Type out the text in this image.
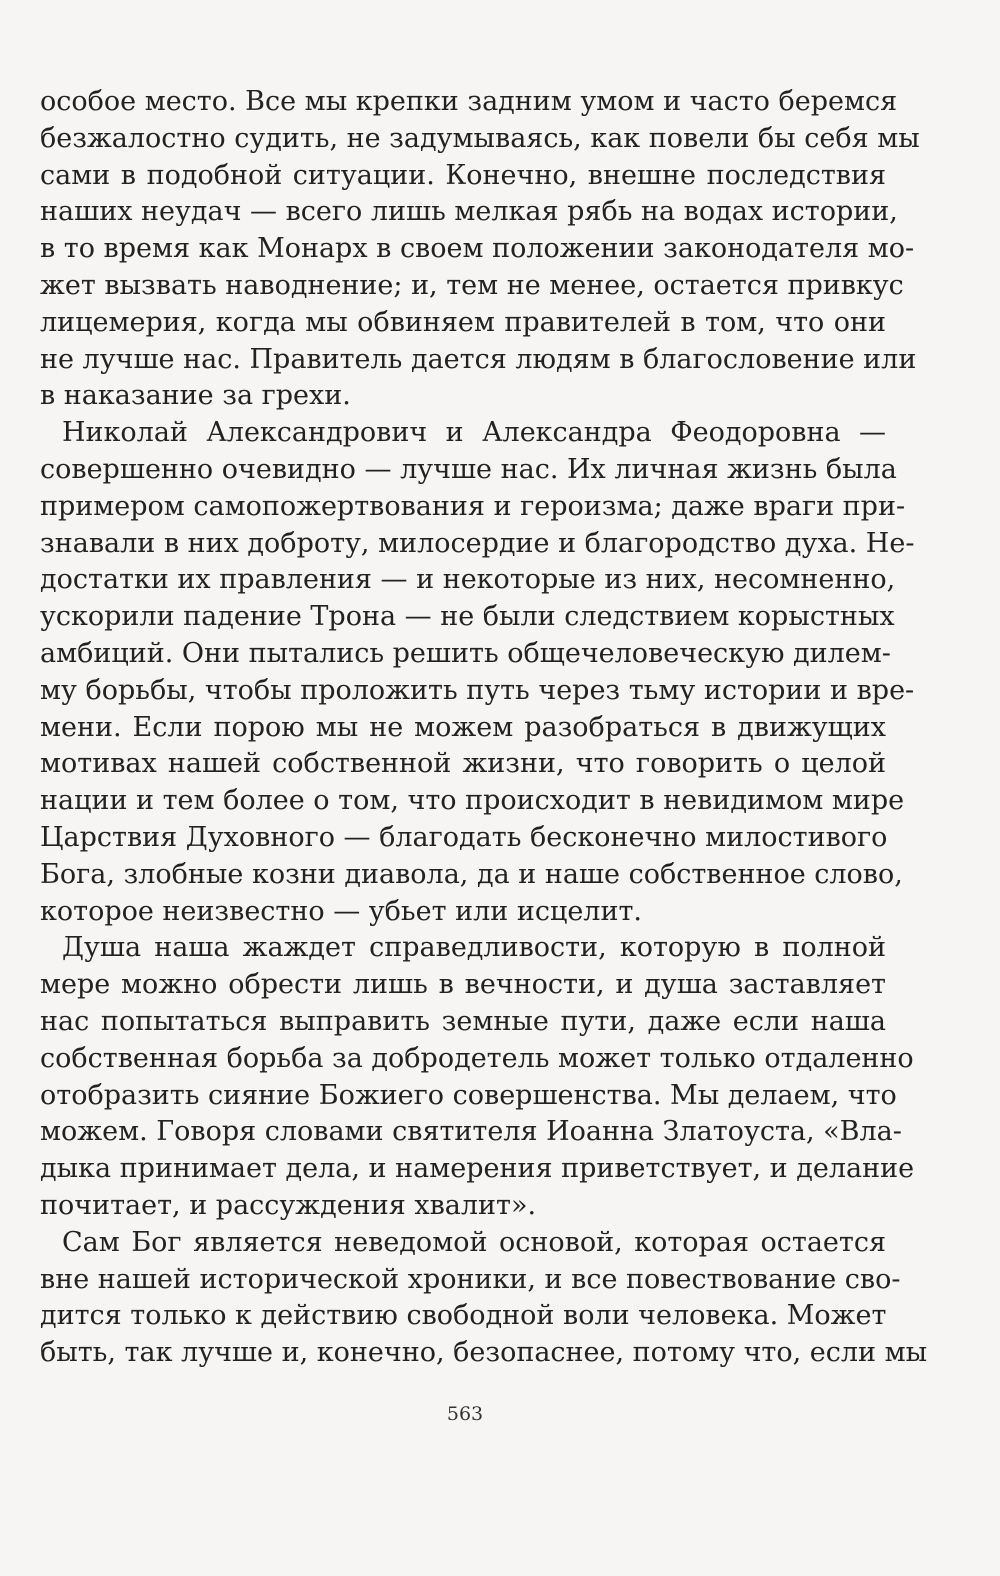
особое место. Все мы крепки задним умом и часто беремся
безжалостно судить, не задумываясь, как повели бы себя мы
сами в подобной ситуации. Конечно, внешне последствия
наших неудач — всего лишь мелкая рябь на водах истории,
в то время как Монарх в своем положении законодателя мо-
жет вызвать наводнение; и, тем не менее, остается привкус
лицемерия, когда мы обвиняем правителей в том, что они
не лучше нас. Правитель дается людям в благословение или
в наказание за грехи.
Николай Александрович и Александра Феодоровна —
совершенно очевидно — лучше нас. Их личная жизнь была
примером самопожертвования и героизма; даже враги при-
знавали в них доброту, милосердие и благородство духа. Не-
достатки их правления — и некоторые из них, несомненно,
ускорили падение Трона — не были следствием корыстных
амбиций. Они пытались решить общечеловеческую дилем-
му борьбы, чтобы проложить путь через тьму истории и вре-
мени. Если порою мы не можем разобраться в движущих
мотивах нашей собственной жизни, что говорить о целой
нации и тем более о том, что происходит в невидимом мире
Царствия Духовного — благодать бесконечно милостивого
Бога, злобные козни диавола, да и наше собственное слово,
которое неизвестно — убьет или исцелит.
Душа наша жаждет справедливости, которую в полной
мере можно обрести лишь в вечности, и душа заставляет
нас попытаться выправить земные пути, даже если наша
собственная борьба за добродетель может только отдаленно
отобразить сияние Божиего совершенства. Мы делаем, что
можем. Говоря словами святителя Иоанна Златоуста, «Вла-
дыка принимает дела, и намерения приветствует, и делание
почитает, и рассуждения хвалит».
Сам Бог является неведомой основой, которая остается
вне нашей исторической хроники, и все повествование сво-
дится только к действию свободной воли человека. Может
быть, так лучше и, конечно, безопаснее, потому что, если мы
563
